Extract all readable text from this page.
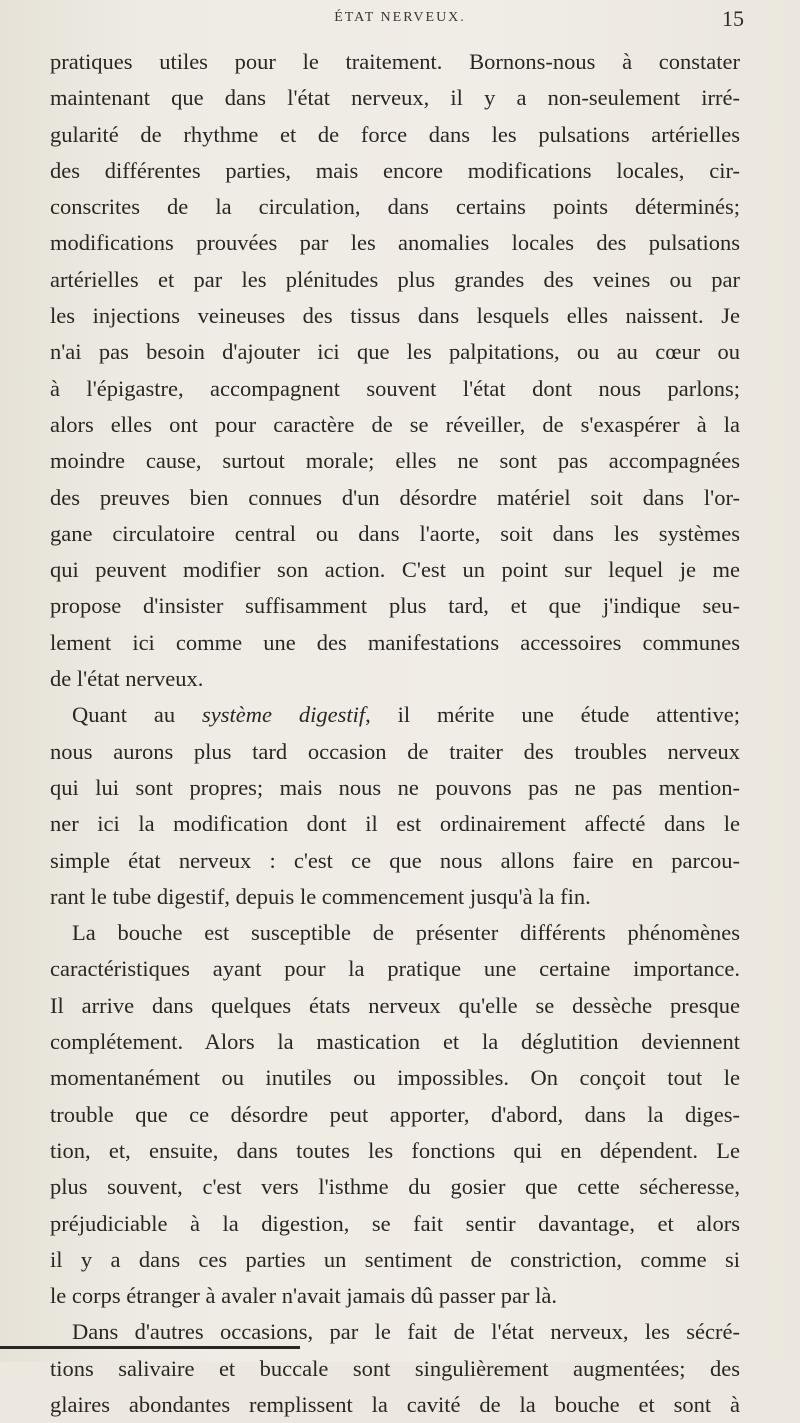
ÉTAT NERVEUX.	15
pratiques utiles pour le traitement. Bornons-nous à constater
maintenant que dans l'état nerveux, il y a non-seulement irré-
gularité de rhythme et de force dans les pulsations artérielles
des différentes parties, mais encore modifications locales, cir-
conscrites de la circulation, dans certains points déterminés;
modifications prouvées par les anomalies locales des pulsations
artérielles et par les plénitudes plus grandes des veines ou par
les injections veineuses des tissus dans lesquels elles naissent. Je
n'ai pas besoin d'ajouter ici que les palpitations, ou au cœur ou
à l'épigastre, accompagnent souvent l'état dont nous parlons;
alors elles ont pour caractère de se réveiller, de s'exaspérer à la
moindre cause, surtout morale; elles ne sont pas accompagnées
des preuves bien connues d'un désordre matériel soit dans l'or-
gane circulatoire central ou dans l'aorte, soit dans les systèmes
qui peuvent modifier son action. C'est un point sur lequel je me
propose d'insister suffisamment plus tard, et que j'indique seu-
lement ici comme une des manifestations accessoires communes
de l'état nerveux.
Quant au système digestif, il mérite une étude attentive;
nous aurons plus tard occasion de traiter des troubles nerveux
qui lui sont propres; mais nous ne pouvons pas ne pas mention-
ner ici la modification dont il est ordinairement affecté dans le
simple état nerveux : c'est ce que nous allons faire en parcou-
rant le tube digestif, depuis le commencement jusqu'à la fin.
La bouche est susceptible de présenter différents phénomènes
caractéristiques ayant pour la pratique une certaine importance.
Il arrive dans quelques états nerveux qu'elle se dessèche presque
complétement. Alors la mastication et la déglutition deviennent
momentanément ou inutiles ou impossibles. On conçoit tout le
trouble que ce désordre peut apporter, d'abord, dans la diges-
tion, et, ensuite, dans toutes les fonctions qui en dépendent. Le
plus souvent, c'est vers l'isthme du gosier que cette sécheresse,
préjudiciable à la digestion, se fait sentir davantage, et alors
il y a dans ces parties un sentiment de constriction, comme si
le corps étranger à avaler n'avait jamais dû passer par là.
Dans d'autres occasions, par le fait de l'état nerveux, les sécré-
tions salivaire et buccale sont singulièrement augmentées; des
glaires abondantes remplissent la cavité de la bouche et sont à
